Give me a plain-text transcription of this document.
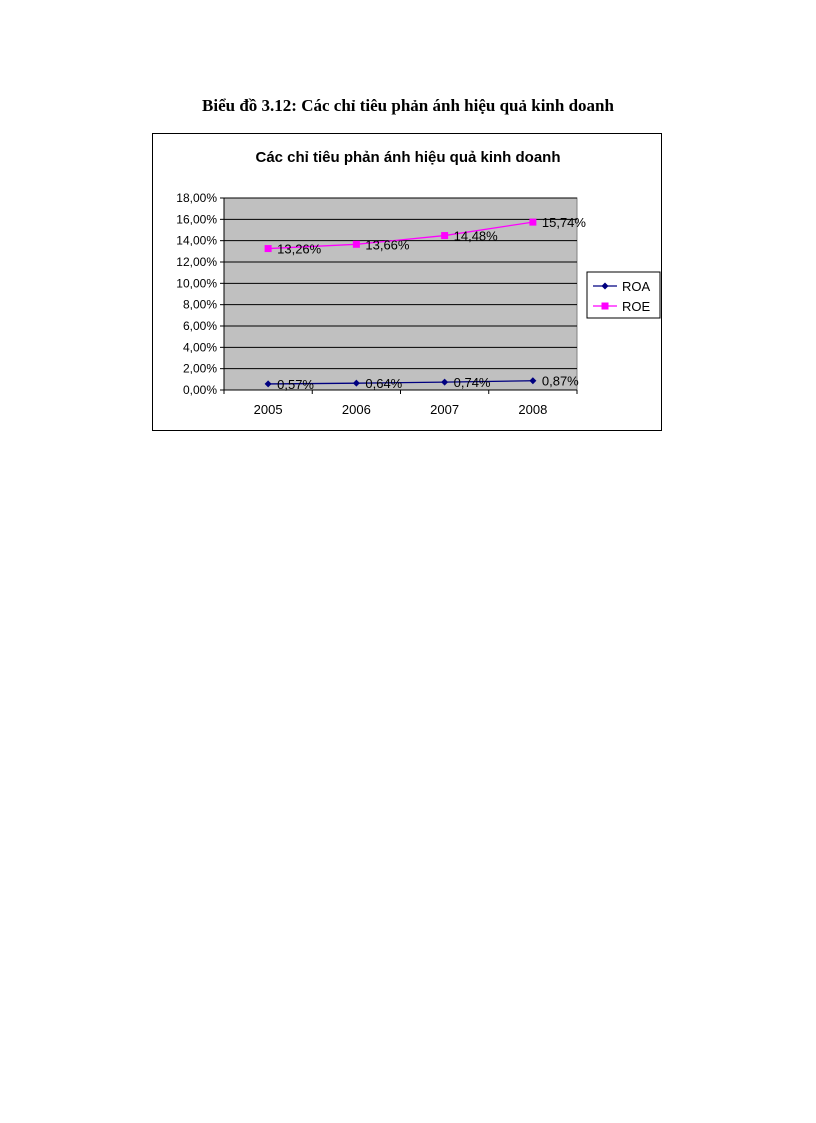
Biểu đồ 3.12: Các chỉ tiêu phản ánh hiệu quả kinh doanh
Các chỉ tiêu phản ánh hiệu quả kinh doanh
0,00%
2,00%
4,00%
6,00%
8,00%
10,00%
12,00%
14,00%
16,00%
18,00%
2005	2006	2007	2008
0,57%	0,64%	0,74%	0,87%
13,26%	13,66%
14,48%
15,74%
ROA
ROE
